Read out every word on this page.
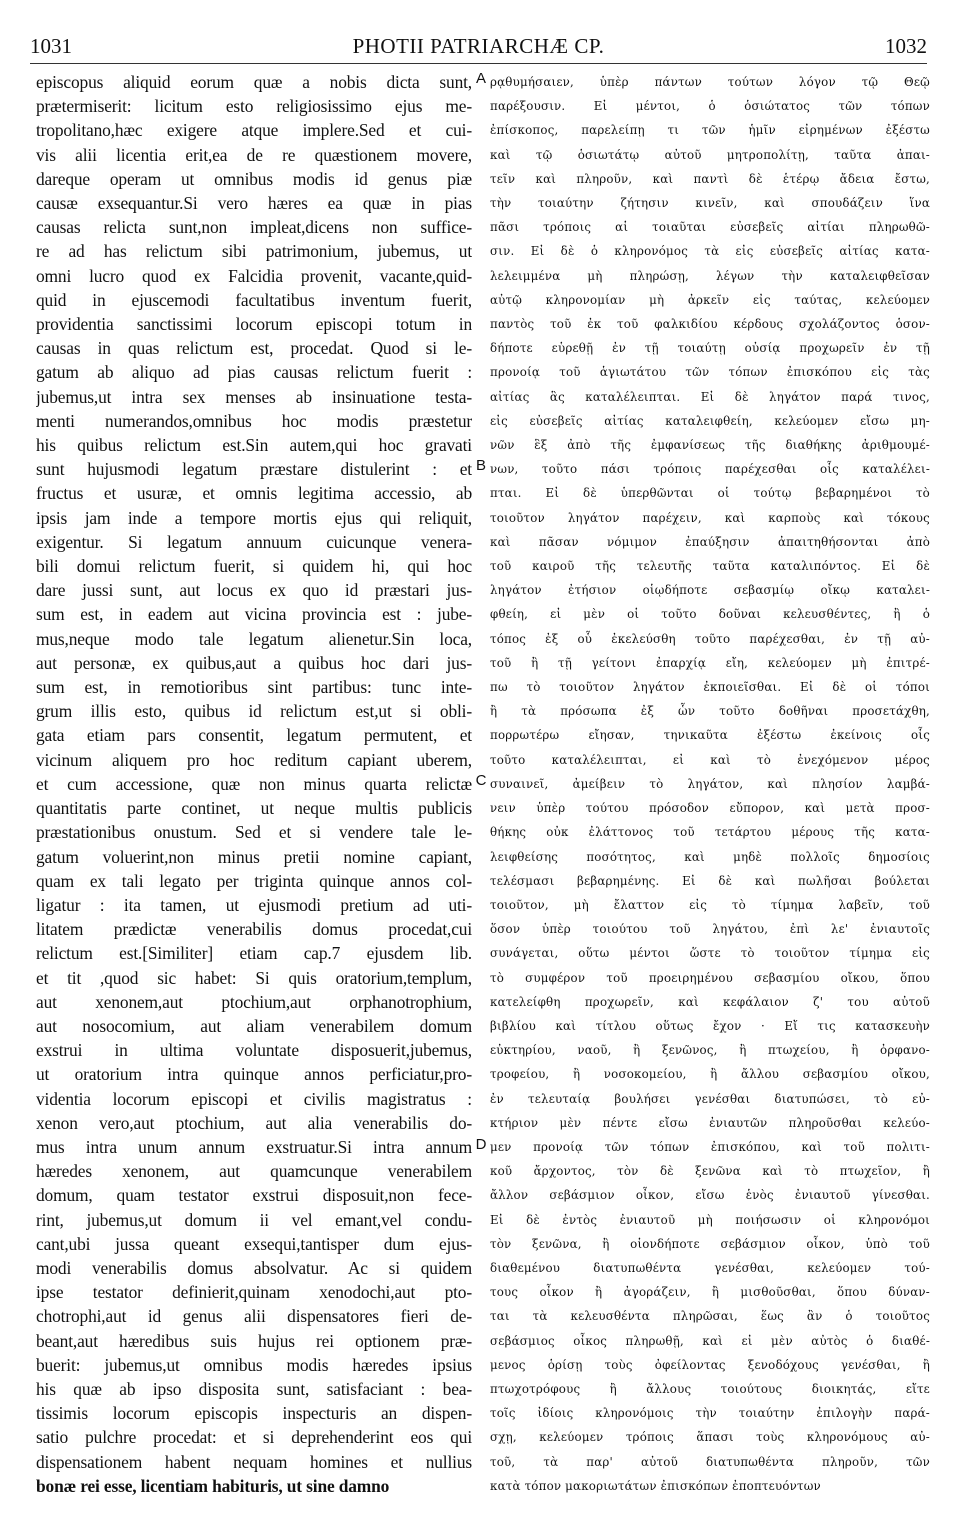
1031	PHOTII PATRIARCHÆ CP.	1032
episcopus aliquid eorum quæ a nobis dicta sunt,
prætermiserit: licitum esto religiosissimo ejus me-
tropolitano,hæc exigere atque implere.Sed et cui-
vis alii licentia erit,ea de re quæstionem movere,
dareque operam ut omnibus modis id genus piæ
causæ exsequantur.Si vero hæres ea quæ in pias
causas relicta sunt,non impleat,dicens non suffice-
re ad has relictum sibi patrimonium, jubemus, ut
omni lucro quod ex Falcidia provenit, vacante,quid-
quid in ejuscemodi facultatibus inventum fuerit,
providentia sanctissimi locorum episcopi totum in
causas in quas relictum est, procedat. Quod si le-
gatum ab aliquo ad pias causas relictum fuerit :
jubemus,ut intra sex menses ab insinuatione testa-
menti numerandos,omnibus hoc modis præstetur
his quibus relictum est.Sin autem,qui hoc gravati
sunt hujusmodi legatum præstare distulerint : et
fructus et usuræ, et omnis legitima accessio, ab
ipsis jam inde a tempore mortis ejus qui reliquit,
exigentur. Si legatum annuum cuicunque venera-
bili domui relictum fuerit, si quidem hi, qui hoc
dare jussi sunt, aut locus ex quo id præstari jus-
sum est, in eadem aut vicina provincia est : jube-
mus,neque modo tale legatum alienetur.Sin loca,
aut personæ, ex quibus,aut a quibus hoc dari jus-
sum est, in remotioribus sint partibus: tunc inte-
grum illis esto, quibus id relictum est,ut si obli-
gata etiam pars consentit, legatum permutent, et
vicinum aliquem pro hoc reditum capiant uberem,
et cum accessione, quæ non minus quarta relictæ
quantitatis parte continet, ut neque multis publicis
præstationibus onustum. Sed et si vendere tale le-
gatum voluerint,non minus pretii nomine capiant,
quam ex tali legato per triginta quinque annos col-
ligatur : ita tamen, ut ejusmodi pretium ad uti-
litatem prædictæ venerabilis domus procedat,cui
relictum est.[Similiter] etiam cap.7 ejusdem lib.
et tit ,quod sic habet: Si quis oratorium,templum,
aut xenonem,aut ptochium,aut orphanotrophium,
aut nosocomium, aut aliam venerabilem domum
exstrui in ultima voluntate disposuerit,jubemus,
ut oratorium intra quinque annos perficiatur,pro-
videntia locorum episcopi et civilis magistratus :
xenon vero,aut ptochium, aut alia venerabilis do-
mus intra unum annum exstruatur.Si intra annum
hæredes xenonem, aut quamcunque venerabilem
domum, quam testator exstrui disposuit,non fece-
rint, jubemus,ut domum ii vel emant,vel condu-
cant,ubi jussa queant exsequi,tantisper dum ejus-
modi venerabilis domus absolvatur. Ac si quidem
ipse testator definierit,quinam xenodochi,aut pto-
chotrophi,aut id genus alii dispensatores fieri de-
beant,aut hæredibus suis hujus rei optionem præ-
buerit: jubemus,ut omnibus modis hæredes ipsius
his quæ ab ipso disposita sunt, satisfaciant : bea-
tissimis locorum episcopis inspecturis an dispen-
satio pulchre procedat: et si deprehenderint eos qui
dispensationem habent nequam homines et nullius
bonæ rei esse, licentiam habituris, ut sine damno
ρᾳθυμήσαιεν, ὑπὲρ πάντων τούτων λόγον τῷ Θεῷ
παρέξουσιν. Εἰ μέντοι, ὁ ὁσιώτατος τῶν τόπων
ἐπίσκοπος, παρελείπῃ τι τῶν ἡμῖν εἰρημένων ἐξέστω
καὶ τῷ ὁσιωτάτῳ αὐτοῦ μητροπολίτῃ, ταῦτα ἀπαι-
τεῖν καὶ πληροῦν, καὶ παντὶ δὲ ἑτέρῳ ἄδεια ἔστω,
τὴν τοιαύτην ζήτησιν κινεῖν, καὶ σπουδάζειν ἵνα
πᾶσι τρόποις αἱ τοιαῦται εὐσεβεῖς αἰτίαι πληρωθῶ-
σιν. Εἰ δὲ ὁ κληρονόμος τὰ εἰς εὐσεβεῖς αἰτίας κατα-
λελειμμένα μὴ πληρώσῃ, λέγων τὴν καταλειφθεῖσαν
αὐτῷ κληρονομίαν μὴ ἀρκεῖν εἰς ταύτας, κελεύομεν
παντὸς τοῦ ἐκ τοῦ φαλκιδίου κέρδους σχολάζοντος ὁσον-
δήποτε εὑρεθῇ ἐν τῇ τοιαύτῃ οὐσίᾳ προχωρεῖν ἐν τῇ
προνοίᾳ τοῦ ἁγιωτάτου τῶν τόπων ἐπισκόπου εἰς τὰς
αἰτίας ἃς καταλέλειπται. Εἰ δὲ ληγάτον παρά τινος,
εἰς εὐσεβεῖς αἰτίας καταλειφθείη, κελεύομεν εἴσω μη-
νῶν ἓξ ἀπὸ τῆς ἐμφανίσεως τῆς διαθήκης ἀριθμουμέ-
νων, τοῦτο πάσι τρόποις παρέχεσθαι οἷς καταλέλει-
πται. Εἰ δὲ ὑπερθῶνται οἱ τούτῳ βεβαρημένοι τὸ
τοιοῦτον ληγάτον παρέχειν, καὶ καρποὺς καὶ τόκους
καὶ πᾶσαν νόμιμον ἐπαύξησιν ἀπαιτηθήσονται ἀπὸ
τοῦ καιροῦ τῆς τελευτῆς ταῦτα καταλιπόντος. Εἰ δὲ
ληγάτον ἐτήσιον οἱῳδήποτε σεβασμίῳ οἴκῳ καταλει-
φθείη, εἰ μὲν οἱ τοῦτο δοῦναι κελευσθέντες, ἢ ὁ
τόπος ἐξ οὗ ἐκελεύσθη τοῦτο παρέχεσθαι, ἐν τῇ αὐ-
τοῦ ἢ τῇ γείτονι ἐπαρχίᾳ εἴη, κελεύομεν μὴ ἐπιτρέ-
πω τὸ τοιοῦτον ληγάτον ἐκποιεῖσθαι. Εἰ δὲ οἱ τόποι
ἢ τὰ πρόσωπα ἐξ ὧν τοῦτο δοθῆναι προσετάχθη,
πορρωτέρω εἴησαν, τηνικαῦτα ἐξέστω ἐκείνοις οἷς
τοῦτο καταλέλειπται, εἰ καὶ τὸ ἐνεχόμενον μέρος
συναινεῖ, ἀμείβειν τὸ ληγάτον, καὶ πλησίον λαμβά-
νειν ὑπὲρ τούτου πρόσοδον εὔπορον, καὶ μετὰ προσ-
θήκης οὐκ ἐλάττονος τοῦ τετάρτου μέρους τῆς κατα-
λειφθείσης ποσότητος, καὶ μηδὲ πολλοῖς δημοσίοις
τελέσμασι βεβαρημένης. Εἰ δὲ καὶ πωλῆσαι βούλεται
τοιοῦτον, μὴ ἔλαττον εἰς τὸ τίμημα λαβεῖν, τοῦ
ὅσον ὑπὲρ τοιούτου τοῦ ληγάτου, ἐπὶ λε' ἐνιαυτοῖς
συνάγεται, οὕτω μέντοι ὥστε τὸ τοιοῦτον τίμημα εἰς
τὸ συμφέρον τοῦ προειρημένου σεβασμίου οἴκου, ὅπου
κατελείφθη προχωρεῖν, καὶ κεφάλαιον ζ' του αὐτοῦ
βιβλίου καὶ τίτλου οὕτως ἔχον · Εἴ τις κατασκευὴν
εὐκτηρίου, ναοῦ, ἢ ξενῶνος, ἢ πτωχείου, ἢ ὀρφανο-
τροφείου, ἢ νοσοκομείου, ἢ ἄλλου σεβασμίου οἴκου,
ἐν τελευταίᾳ βουλήσει γενέσθαι διατυπώσει, τὸ εὐ-
κτήριον μὲν πέντε εἴσω ἐνιαυτῶν πληροῦσθαι κελεύο-
μεν προνοίᾳ τῶν τόπων ἐπισκόπου, καὶ τοῦ πολιτι-
κοῦ ἄρχοντος, τὸν δὲ ξενῶνα καὶ τὸ πτωχεῖον, ἢ
ἄλλον σεβάσμιον οἶκον, εἴσω ἑνὸς ἐνιαυτοῦ γίνεσθαι.
Εἰ δὲ ἐντὸς ἐνιαυτοῦ μὴ ποιήσωσιν οἱ κληρονόμοι
τὸν ξενῶνα, ἢ οἱονδήποτε σεβάσμιον οἶκον, ὑπὸ τοῦ
διαθεμένου διατυπωθέντα γενέσθαι, κελεύομεν τού-
τους οἶκον ἢ ἀγοράζειν, ἢ μισθοῦσθαι, ὅπου δύναν-
ται τὰ κελευσθέντα πληρῶσαι, ἕως ἂν ὁ τοιοῦτος
σεβάσμιος οἶκος πληρωθῇ, καὶ εἰ μὲν αὐτὸς ὁ διαθέ-
μενος ὁρίσῃ τοὺς ὀφείλοντας ξενοδόχους γενέσθαι, ἢ
πτωχοτρόφους ἢ ἄλλους τοιούτους διοικητάς, εἴτε
τοῖς ἰδίοις κληρονόμοις τὴν τοιαύτην ἐπιλογὴν παρά-
σχῃ, κελεύομεν τρόποις ἅπασι τοὺς κληρονόμους αὐ-
τοῦ, τὰ παρ' αὐτοῦ διατυπωθέντα πληροῦν, τῶν
κατὰ τόπον μακοριωτάτων ἐπισκόπων ἐποπτευόντων
A
B
C
D
